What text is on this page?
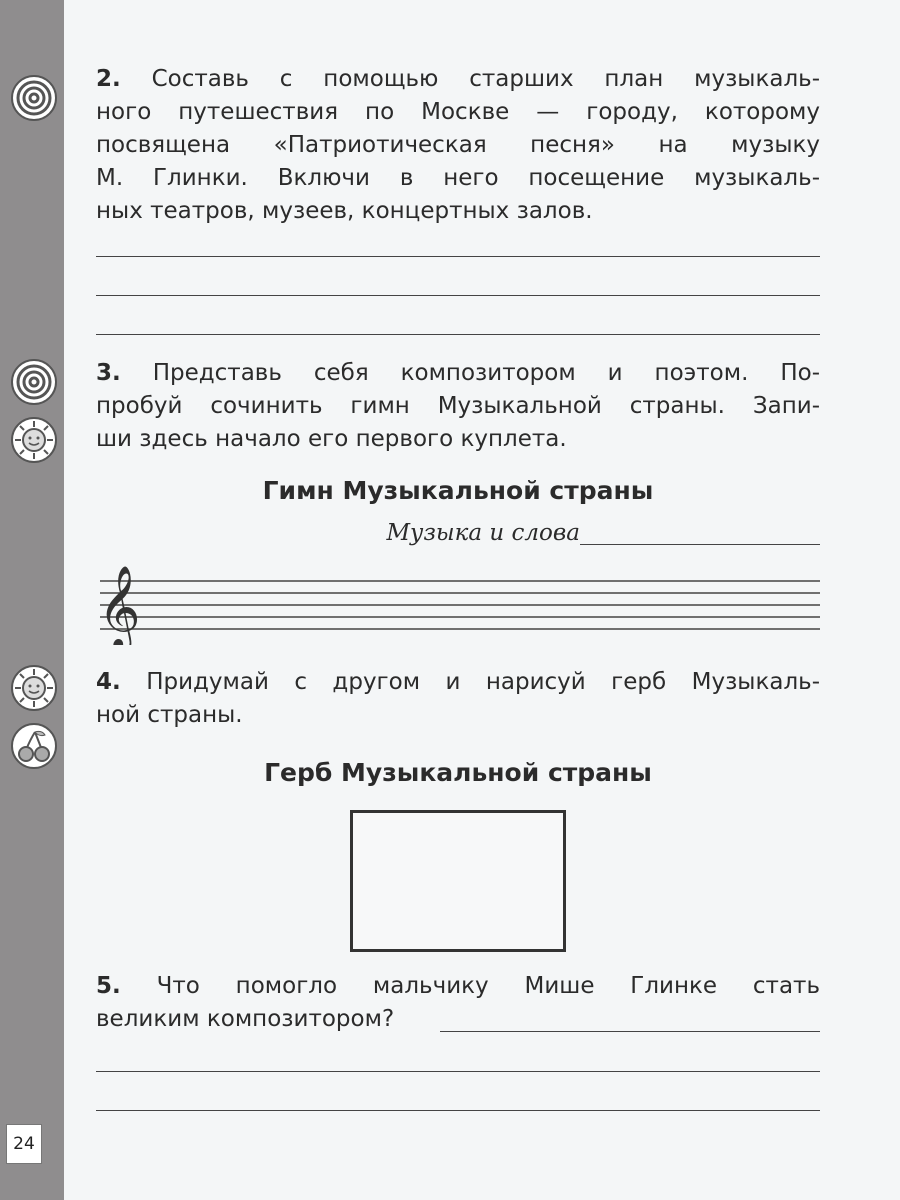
24
2. Составь с помощью старших план музыкаль-
ного путешествия по Москве — городу, которому
посвящена «Патриотическая песня» на музыку
М. Глинки. Включи в него посещение музыкаль-
ных театров, музеев, концертных залов.
3. Представь себя композитором и поэтом. По-
пробуй сочинить гимн Музыкальной страны. Запи-
ши здесь начало его первого куплета.
Гимн Музыкальной страны
Музыка и слова
𝄞
4. Придумай с другом и нарисуй герб Музыкаль-
ной страны.
Герб Музыкальной страны
5. Что помогло мальчику Мише Глинке стать
великим композитором?
